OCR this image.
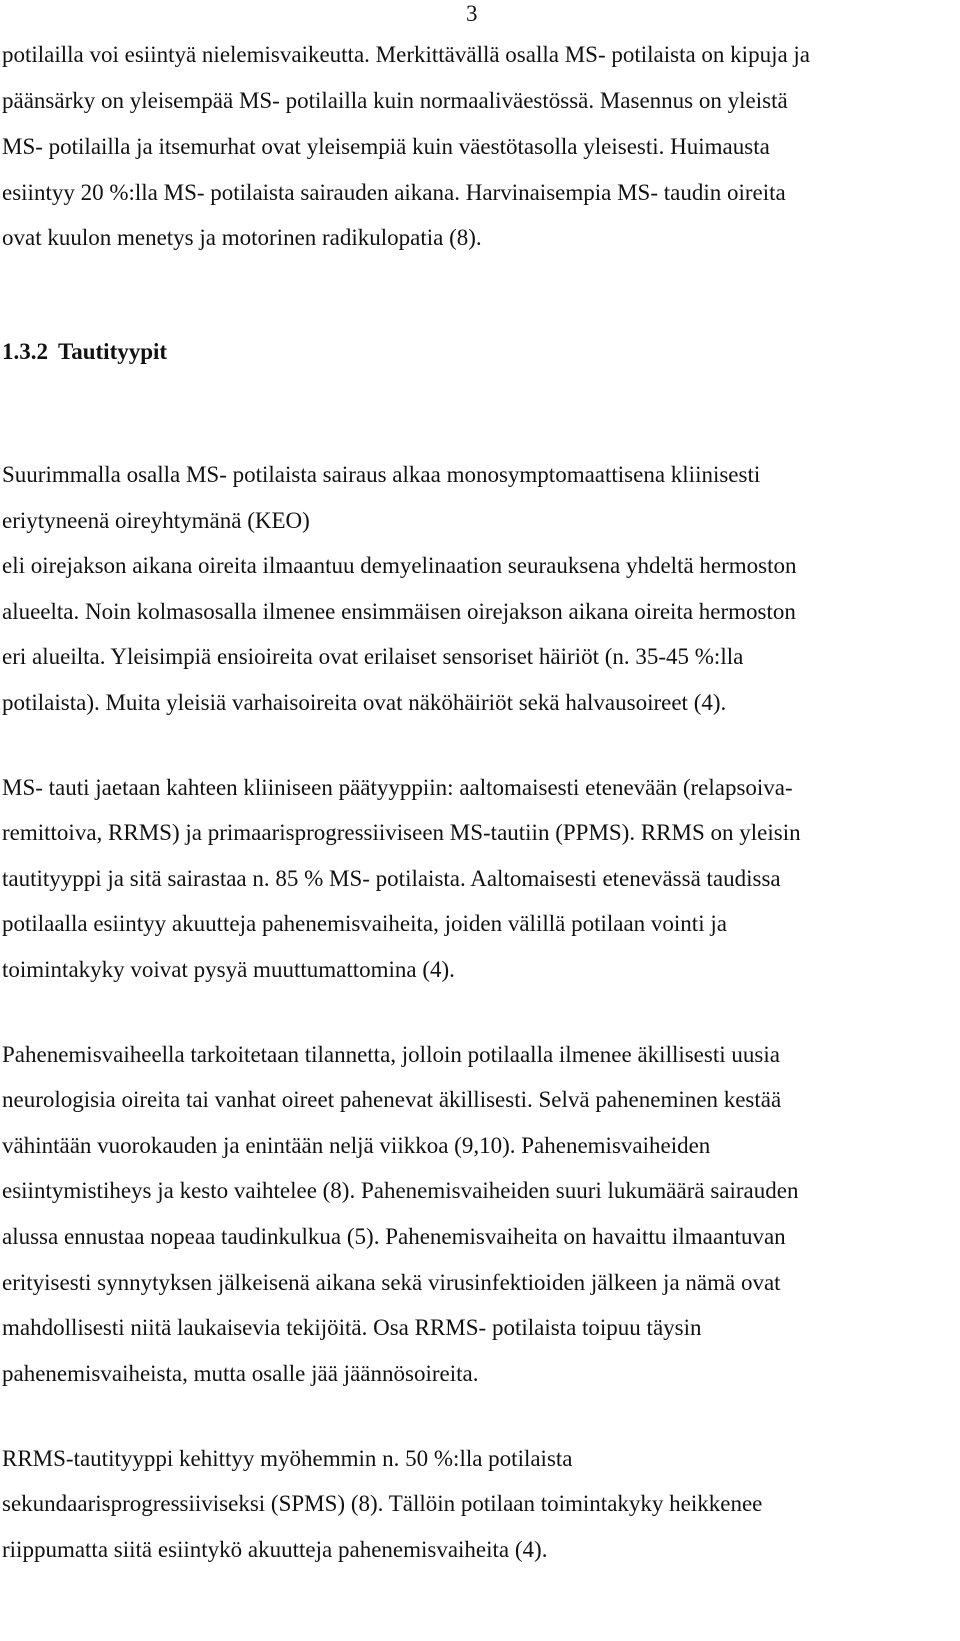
3
potilailla voi esiintyä nielemisvaikeutta. Merkittävällä osalla MS- potilaista on kipuja ja
päänsärky on yleisempää MS- potilailla kuin normaaliväestössä. Masennus on yleistä
MS- potilailla ja itsemurhat ovat yleisempiä kuin väestötasolla yleisesti. Huimausta
esiintyy 20 %:lla MS- potilaista sairauden aikana. Harvinaisempia MS- taudin oireita
ovat kuulon menetys ja motorinen radikulopatia (8).
1.3.2 Tautityypit
Suurimmalla osalla MS- potilaista sairaus alkaa monosymptomaattisena kliinisesti
eriytyneenä oireyhtymänä (KEO)
eli oirejakson aikana oireita ilmaantuu demyelinaation seurauksena yhdeltä hermoston
alueelta. Noin kolmasosalla ilmenee ensimmäisen oirejakson aikana oireita hermoston
eri alueilta. Yleisimpiä ensioireita ovat erilaiset sensoriset häiriöt (n. 35-45 %:lla
potilaista). Muita yleisiä varhaisoireita ovat näköhäiriöt sekä halvausoireet (4).
MS- tauti jaetaan kahteen kliiniseen päätyyppiin: aaltomaisesti etenevään (relapsoiva-
remittoiva, RRMS) ja primaarisprogressiiviseen MS-tautiin (PPMS). RRMS on yleisin
tautityyppi ja sitä sairastaa n. 85 % MS- potilaista. Aaltomaisesti etenevässä taudissa
potilaalla esiintyy akuutteja pahenemisvaiheita, joiden välillä potilaan vointi ja
toimintakyky voivat pysyä muuttumattomina (4).
Pahenemisvaiheella tarkoitetaan tilannetta, jolloin potilaalla ilmenee äkillisesti uusia
neurologisia oireita tai vanhat oireet pahenevat äkillisesti. Selvä paheneminen kestää
vähintään vuorokauden ja enintään neljä viikkoa (9,10). Pahenemisvaiheiden
esiintymistiheys ja kesto vaihtelee (8). Pahenemisvaiheiden suuri lukumäärä sairauden
alussa ennustaa nopeaa taudinkulkua (5). Pahenemisvaiheita on havaittu ilmaantuvan
erityisesti synnytyksen jälkeisenä aikana sekä virusinfektioiden jälkeen ja nämä ovat
mahdollisesti niitä laukaisevia tekijöitä. Osa RRMS- potilaista toipuu täysin
pahenemisvaiheista, mutta osalle jää jäännösoireita.
RRMS-tautityyppi kehittyy myöhemmin n. 50 %:lla potilaista
sekundaarisprogressiiviseksi (SPMS) (8). Tällöin potilaan toimintakyky heikkenee
riippumatta siitä esiintykö akuutteja pahenemisvaiheita (4).
